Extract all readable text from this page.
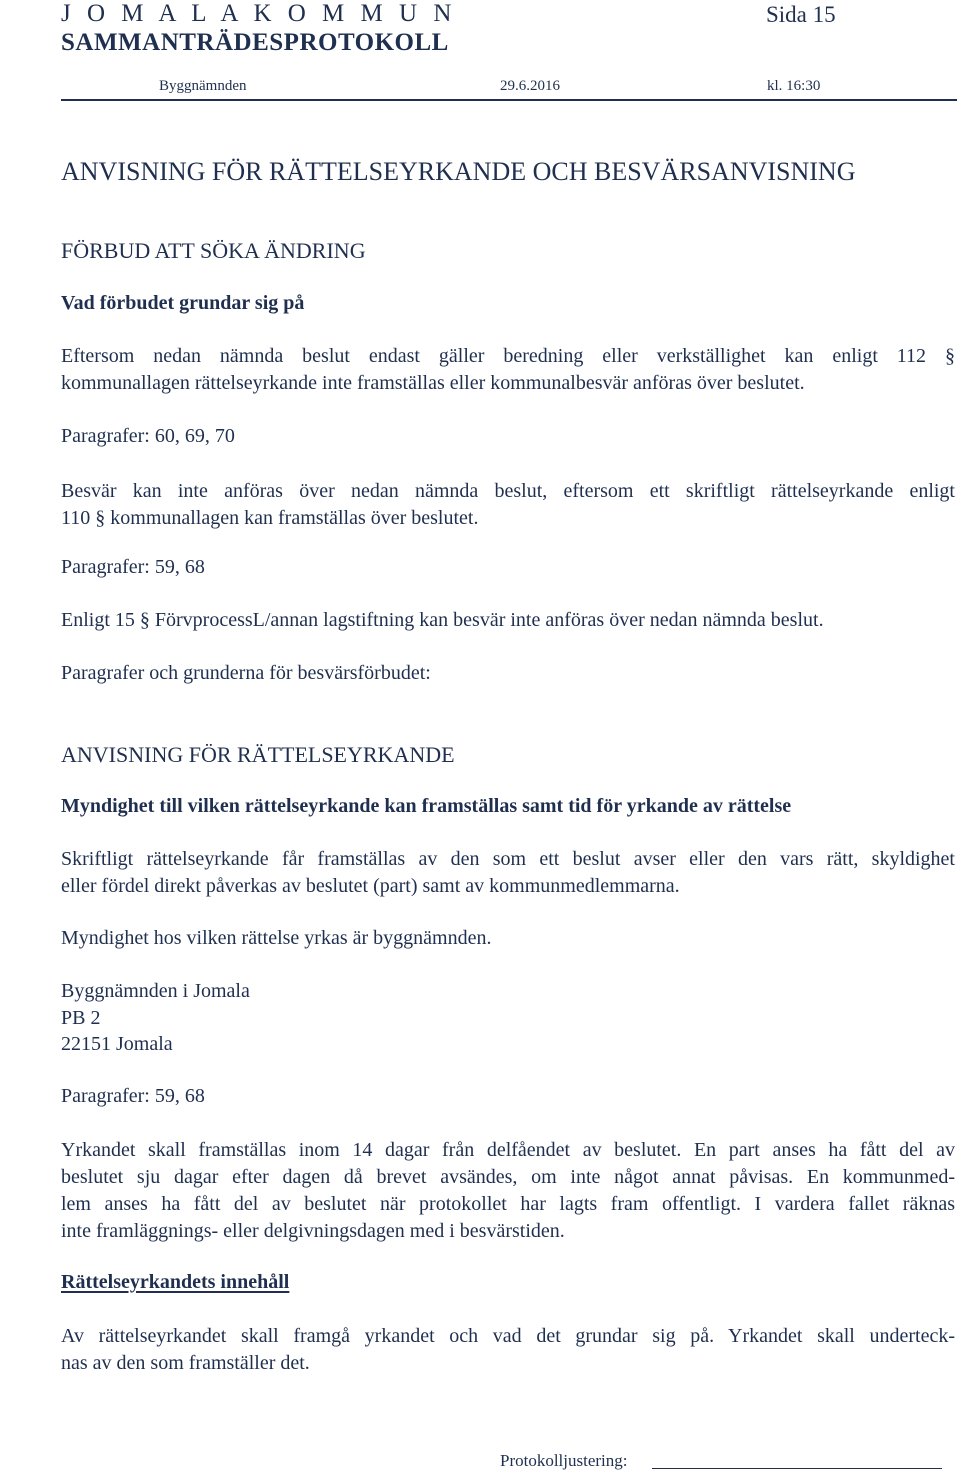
J O M A L A K O M M U N
SAMMANTRÄDESPROTOKOLL
Sida 15
Byggnämnden	29.6.2016	kl. 16:30
ANVISNING FÖR RÄTTELSEYRKANDE OCH BESVÄRSANVISNING
FÖRBUD ATT SÖKA ÄNDRING
Vad förbudet grundar sig på
Eftersom nedan nämnda beslut endast gäller beredning eller verkställighet kan enligt 112 §
kommunallagen rättelseyrkande inte framställas eller kommunalbesvär anföras över beslutet.
Paragrafer: 60, 69, 70
Besvär kan inte anföras över nedan nämnda beslut, eftersom ett skriftligt rättelseyrkande enligt
110 § kommunallagen kan framställas över beslutet.
Paragrafer: 59, 68
Enligt 15 § FörvprocessL/annan lagstiftning kan besvär inte anföras över nedan nämnda beslut.
Paragrafer och grunderna för besvärsförbudet:
ANVISNING FÖR RÄTTELSEYRKANDE
Myndighet till vilken rättelseyrkande kan framställas samt tid för yrkande av rättelse
Skriftligt rättelseyrkande får framställas av den som ett beslut avser eller den vars rätt, skyldighet
eller fördel direkt påverkas av beslutet (part) samt av kommunmedlemmarna.
Myndighet hos vilken rättelse yrkas är byggnämnden.
Byggnämnden i Jomala
PB 2
22151 Jomala
Paragrafer: 59, 68
Yrkandet skall framställas inom 14 dagar från delfåendet av beslutet. En part anses ha fått del av
beslutet sju dagar efter dagen då brevet avsändes, om inte något annat påvisas. En kommunmed-
lem anses ha fått del av beslutet när protokollet har lagts fram offentligt. I vardera fallet räknas
inte framläggnings- eller delgivningsdagen med i besvärstiden.
Rättelseyrkandets innehåll
Av rättelseyrkandet skall framgå yrkandet och vad det grundar sig på. Yrkandet skall underteck-
nas av den som framställer det.
Protokolljustering:
